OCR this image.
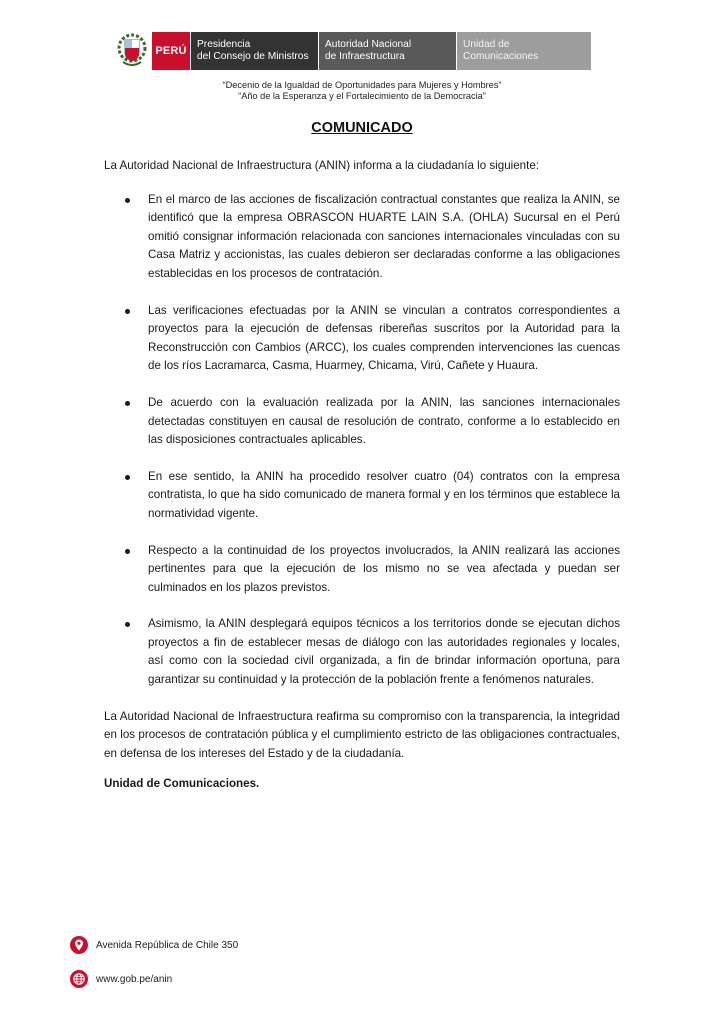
PERÚ
Presidencia
del Consejo de Ministros
Autoridad Nacional
de Infraestructura
Unidad de
Comunicaciones
“Decenio de la Igualdad de Oportunidades para Mujeres y Hombres”
“Año de la Esperanza y el Fortalecimiento de la Democracia”
COMUNICADO

La Autoridad Nacional de Infraestructura (ANIN) informa a la ciudadanía lo siguiente:

En el marco de las acciones de fiscalización contractual constantes que realiza la ANIN, se identificó que la empresa OBRASCON HUARTE LAIN S.A. (OHLA) Sucursal en el Perú omitió consignar información relacionada con sanciones internacionales vinculadas con su Casa Matriz y accionistas, las cuales debieron ser declaradas conforme a las obligaciones establecidas en los procesos de contratación.
Las verificaciones efectuadas por la ANIN se vinculan a contratos correspondientes a proyectos para la ejecución de defensas ribereñas suscritos por la Autoridad para la Reconstrucción con Cambios (ARCC), los cuales comprenden intervenciones las cuencas de los ríos Lacramarca, Casma, Huarmey, Chicama, Virú, Cañete y Huaura.
De acuerdo con la evaluación realizada por la ANIN, las sanciones internacionales detectadas constituyen en causal de resolución de contrato, conforme a lo establecido en las disposiciones contractuales aplicables.
En ese sentido, la ANIN ha procedido resolver cuatro (04) contratos con la empresa contratista, lo que ha sido comunicado de manera formal y en los términos que establece la normatividad vigente.
Respecto a la continuidad de los proyectos involucrados, la ANIN realizará las acciones pertinentes para que la ejecución de los mismo no se vea afectada y puedan ser culminados en los plazos previstos.
Asimismo, la ANIN desplegará equipos técnicos a los territorios donde se ejecutan dichos proyectos a fin de establecer mesas de diálogo con las autoridades regionales y locales, así como con la sociedad civil organizada, a fin de brindar información oportuna, para garantizar su continuidad y la protección de la población frente a fenómenos naturales.

La Autoridad Nacional de Infraestructura reafirma su compromiso con la transparencia, la integridad en los procesos de contratación pública y el cumplimiento estricto de las obligaciones contractuales, en defensa de los intereses del Estado y de la ciudadanía.

Unidad de Comunicaciones.

Avenida República de Chile 350
www.gob.pe/anin
